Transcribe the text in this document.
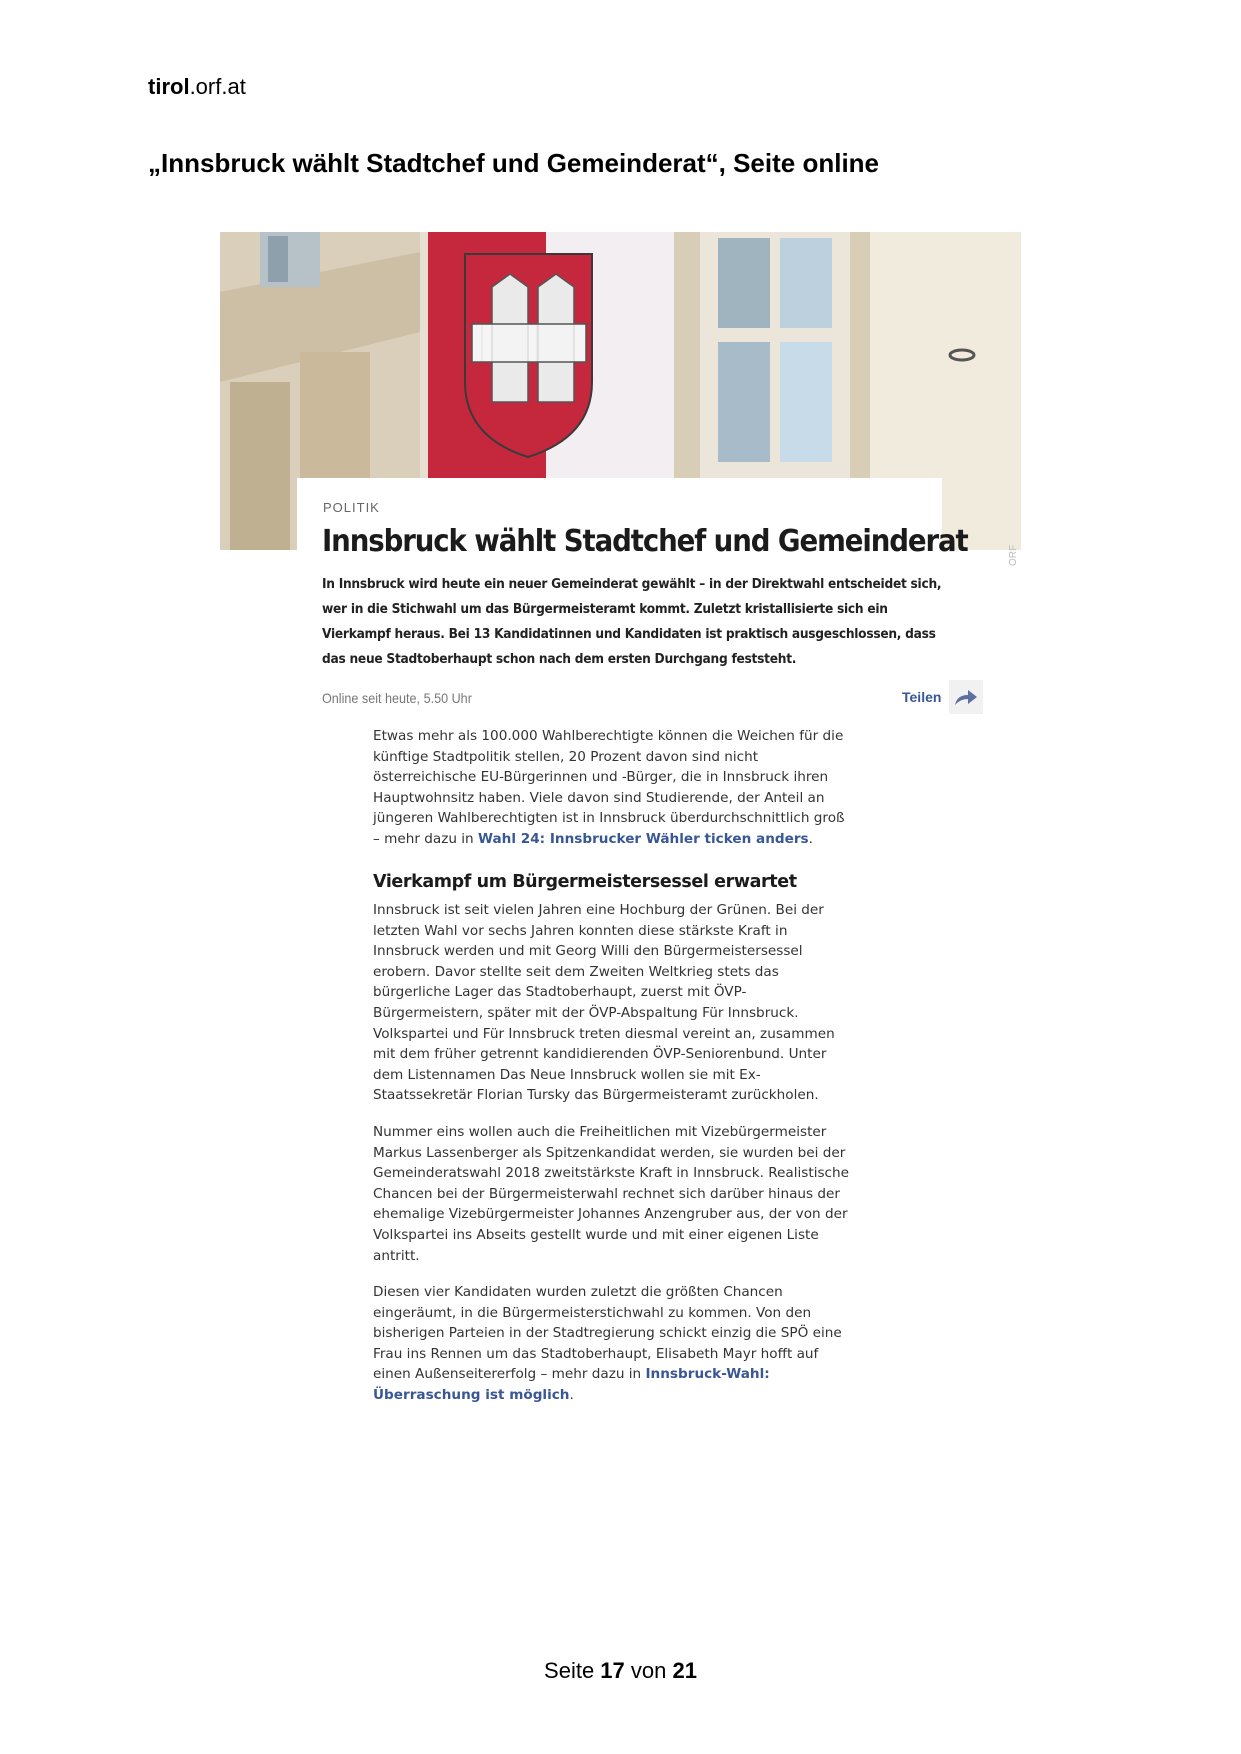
tirol.orf.at
„Innsbruck wählt Stadtchef und Gemeinderat“, Seite online
POLITIK
Innsbruck wählt Stadtchef und Gemeinderat

In Innsbruck wird heute ein neuer Gemeinderat gewählt – in der Direktwahl entscheidet sich,

wer in die Stichwahl um das Bürgermeisteramt kommt. Zuletzt kristallisierte sich ein

Vierkampf heraus. Bei 13 Kandidatinnen und Kandidaten ist praktisch ausgeschlossen, dass

das neue Stadtoberhaupt schon nach dem ersten Durchgang feststeht.

ORF
Online seit heute, 5.50 Uhr	Teilen

Etwas mehr als 100.000 Wahlberechtigte können die Weichen für die

künftige Stadtpolitik stellen, 20 Prozent davon sind nicht

österreichische EU-Bürgerinnen und -Bürger, die in Innsbruck ihren

Hauptwohnsitz haben. Viele davon sind Studierende, der Anteil an

jüngeren Wahlberechtigten ist in Innsbruck überdurchschnittlich groß

– mehr dazu in Wahl 24: Innsbrucker Wähler ticken anders.

Vierkampf um Bürgermeistersessel erwartet

Innsbruck ist seit vielen Jahren eine Hochburg der Grünen. Bei der

letzten Wahl vor sechs Jahren konnten diese stärkste Kraft in

Innsbruck werden und mit Georg Willi den Bürgermeistersessel

erobern. Davor stellte seit dem Zweiten Weltkrieg stets das

bürgerliche Lager das Stadtoberhaupt, zuerst mit ÖVP-

Bürgermeistern, später mit der ÖVP-Abspaltung Für Innsbruck.

Volkspartei und Für Innsbruck treten diesmal vereint an, zusammen

mit dem früher getrennt kandidierenden ÖVP-Seniorenbund. Unter

dem Listennamen Das Neue Innsbruck wollen sie mit Ex-

Staatssekretär Florian Tursky das Bürgermeisteramt zurückholen.

Nummer eins wollen auch die Freiheitlichen mit Vizebürgermeister

Markus Lassenberger als Spitzenkandidat werden, sie wurden bei der

Gemeinderatswahl 2018 zweitstärkste Kraft in Innsbruck. Realistische

Chancen bei der Bürgermeisterwahl rechnet sich darüber hinaus der

ehemalige Vizebürgermeister Johannes Anzengruber aus, der von der

Volkspartei ins Abseits gestellt wurde und mit einer eigenen Liste

antritt.

Diesen vier Kandidaten wurden zuletzt die größten Chancen

eingeräumt, in die Bürgermeisterstichwahl zu kommen. Von den

bisherigen Parteien in der Stadtregierung schickt einzig die SPÖ eine

Frau ins Rennen um das Stadtoberhaupt, Elisabeth Mayr hofft auf

einen Außenseitererfolg – mehr dazu in Innsbruck-Wahl:

Überraschung ist möglich.

Seite 17 von 21
